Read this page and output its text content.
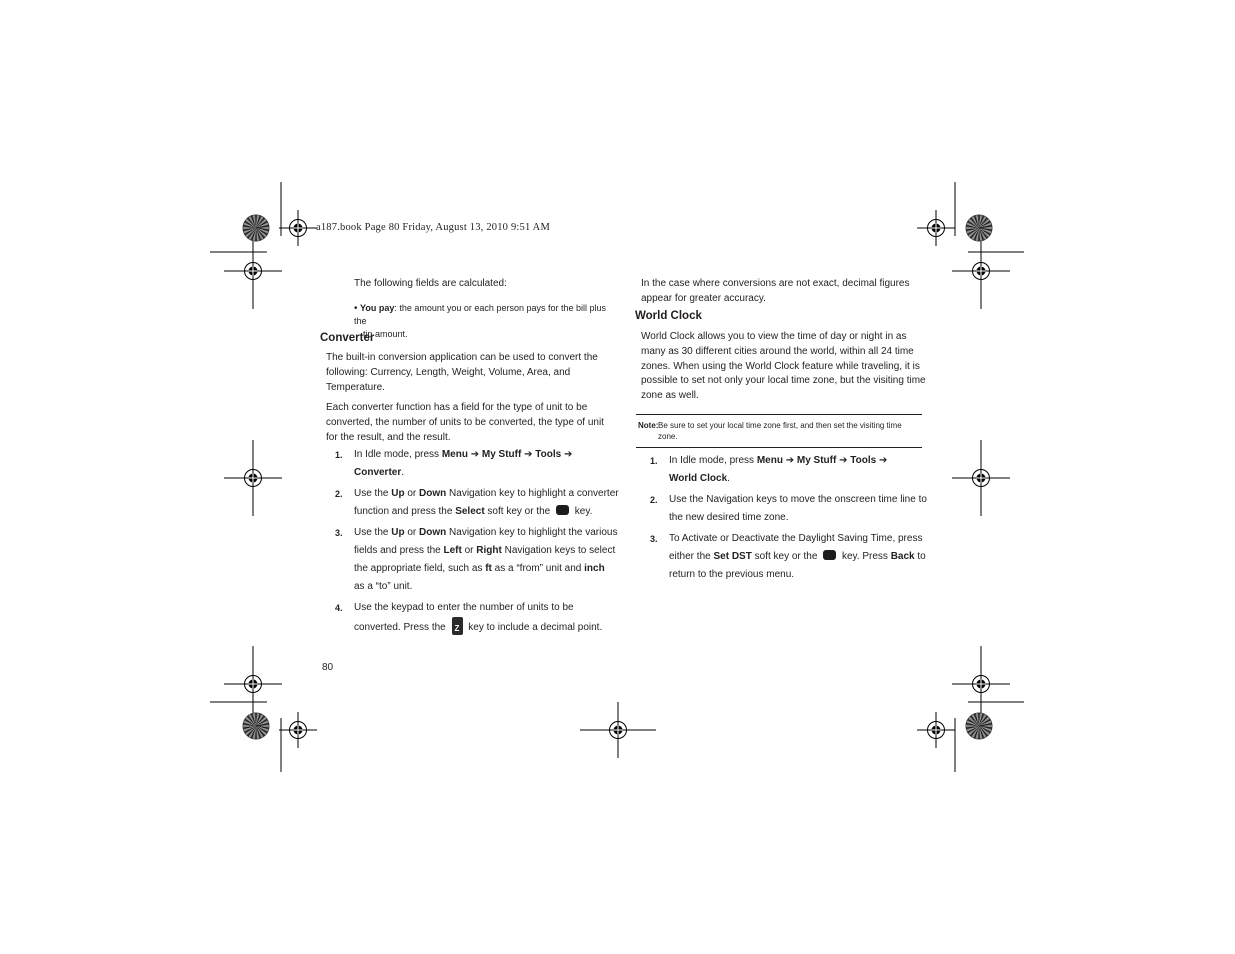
a187.book Page 80 Friday, August 13, 2010 9:51 AM
The following fields are calculated:
• You pay: the amount you or each person pays for the bill plus the
tip amount.
Converter
The built-in conversion application can be used to convert the
following: Currency, Length, Weight, Volume, Area, and
Temperature.
Each converter function has a field for the type of unit to be
converted, the number of units to be converted, the type of unit
for the result, and the result.
1. In Idle mode, press Menu ➔ My Stuff ➔ Tools ➔
Converter.
2. Use the Up or Down Navigation key to highlight a converter
function and press the Select soft key or the  key.
3. Use the Up or Down Navigation key to highlight the various
fields and press the Left or Right Navigation keys to select
the appropriate field, such as ft as a “from” unit and inch
as a “to” unit.
4. Use the keypad to enter the number of units to be
converted. Press the Z key to include a decimal point.
80
In the case where conversions are not exact, decimal figures
appear for greater accuracy.
World Clock
World Clock allows you to view the time of day or night in as
many as 30 different cities around the world, within all 24 time
zones. When using the World Clock feature while traveling, it is
possible to set not only your local time zone, but the visiting time
zone as well.
Note: Be sure to set your local time zone first, and then set the visiting time
zone.
1. In Idle mode, press Menu ➔ My Stuff ➔ Tools ➔
World Clock.
2. Use the Navigation keys to move the onscreen time line to
the new desired time zone.
3. To Activate or Deactivate the Daylight Saving Time, press
either the Set DST soft key or the  key. Press Back to
return to the previous menu.
